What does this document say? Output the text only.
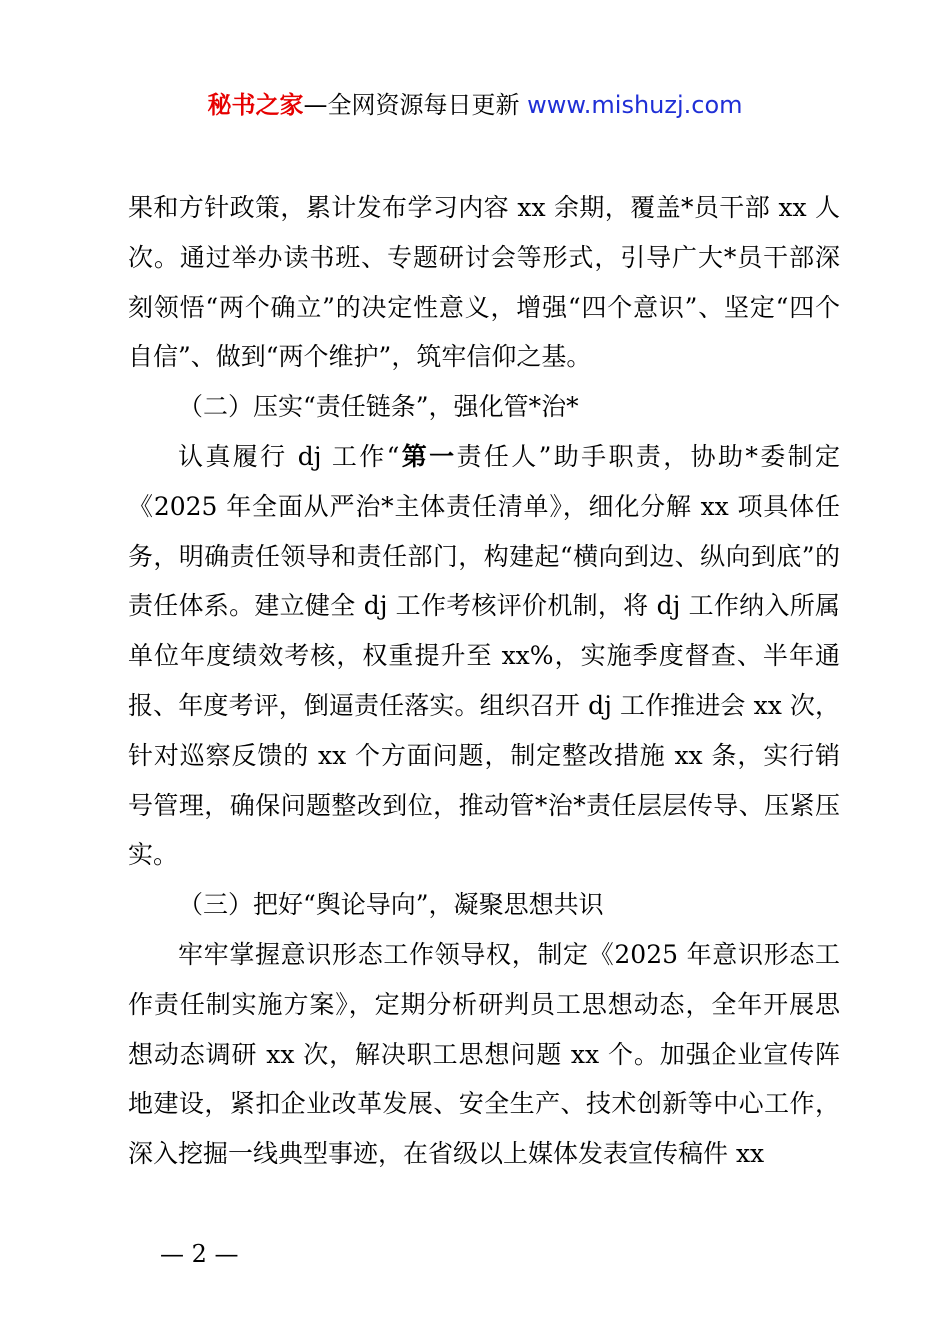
秘书之家—全网资源每日更新 www.mishuzj.com

果和方针政策，累计发布学习内容 xx 余期，覆盖*员干部 xx 人次。通过举办读书班、专题研讨会等形式，引导广大*员干部深刻领悟“两个确立”的决定性意义，增强“四个意识”、坚定“四个自信”、做到“两个维护”，筑牢信仰之基。

（二）压实“责任链条”，强化管*治*

认真履行 dj 工作“第一责任人”助手职责，协助*委制定《2025 年全面从严治*主体责任清单》，细化分解 xx 项具体任务，明确责任领导和责任部门，构建起“横向到边、纵向到底”的责任体系。建立健全 dj 工作考核评价机制，将 dj 工作纳入所属单位年度绩效考核，权重提升至 xx%，实施季度督查、半年通报、年度考评，倒逼责任落实。组织召开 dj 工作推进会 xx 次，针对巡察反馈的 xx 个方面问题，制定整改措施 xx 条，实行销号管理，确保问题整改到位，推动管*治*责任层层传导、压紧压实。

（三）把好“舆论导向”，凝聚思想共识

牢牢掌握意识形态工作领导权，制定《2025 年意识形态工作责任制实施方案》，定期分析研判员工思想动态，全年开展思想动态调研 xx 次，解决职工思想问题 xx 个。加强企业宣传阵地建设，紧扣企业改革发展、安全生产、技术创新等中心工作，深入挖掘一线典型事迹，在省级以上媒体发表宣传稿件 xx

— 2 —
